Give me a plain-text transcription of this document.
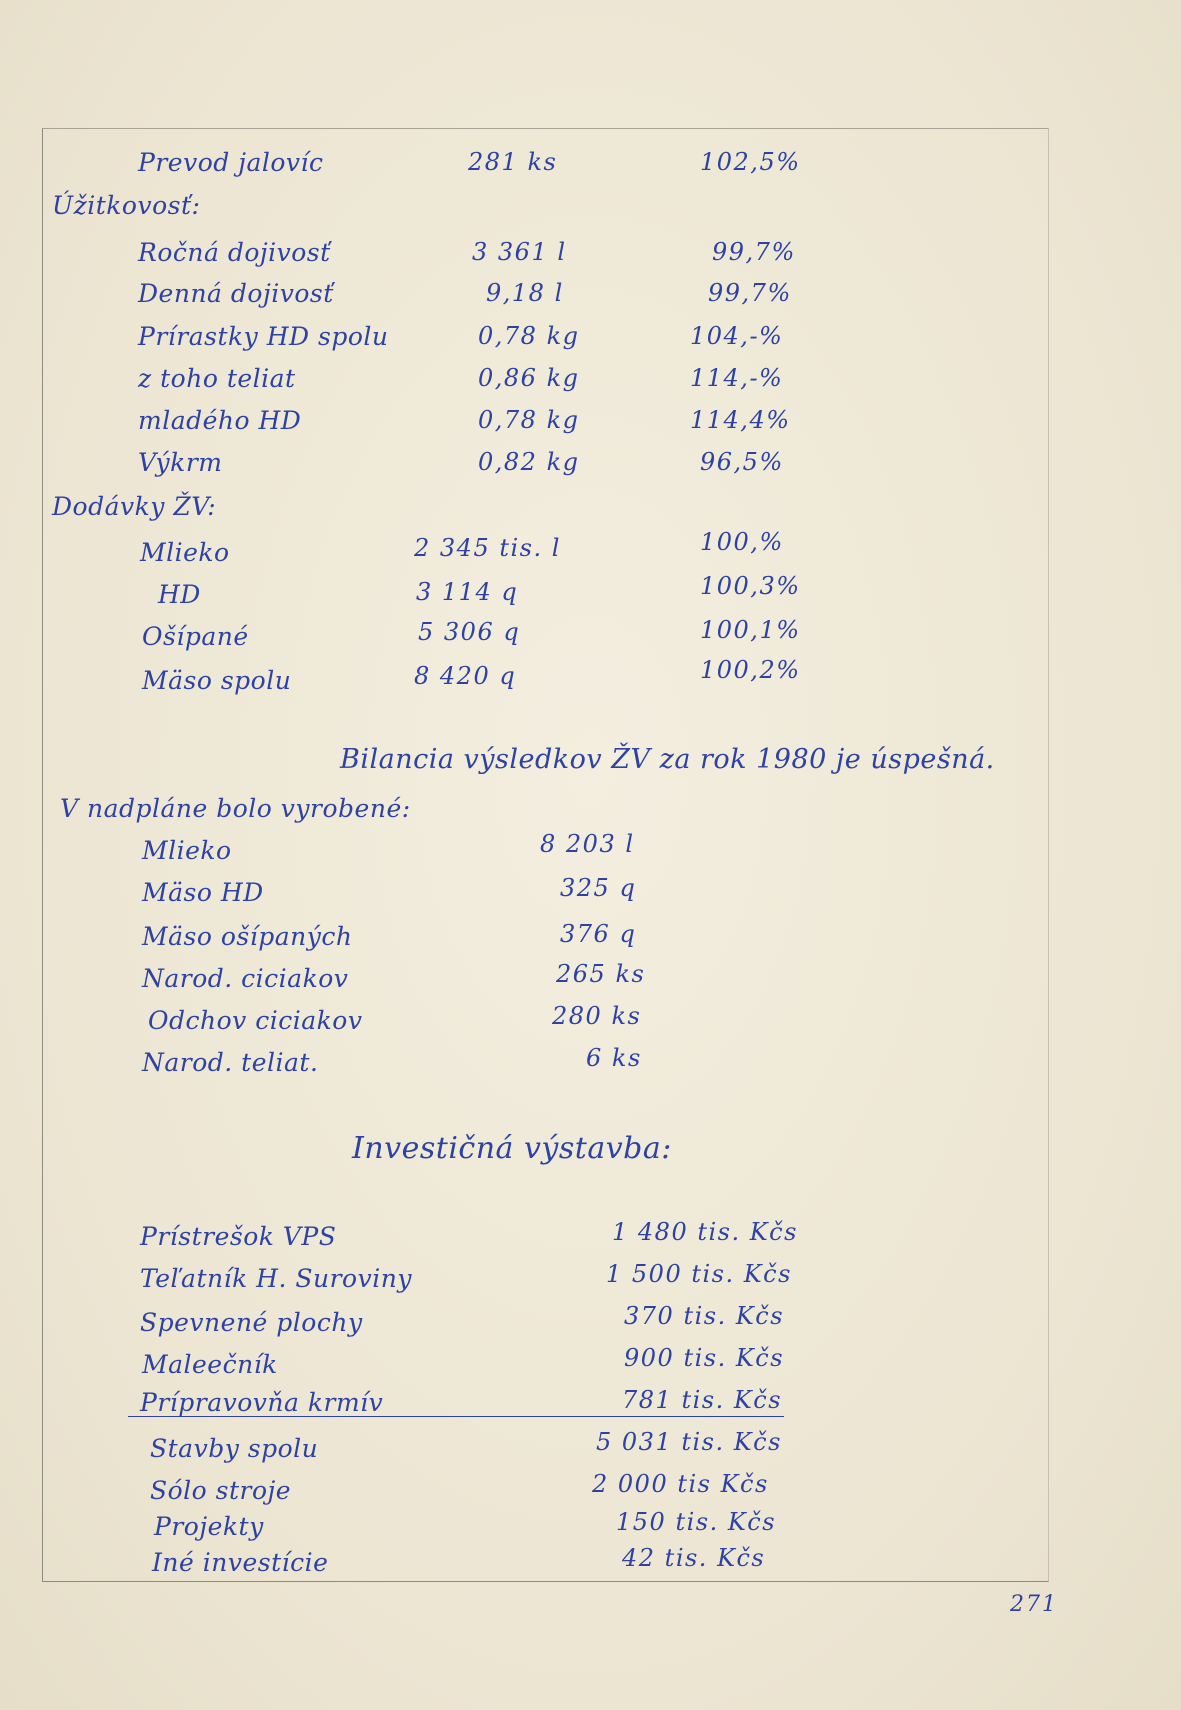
Prevod jalovíc	281 ks	102,5%
Úžitkovosť:
Ročná dojivosť	3 361 l	99,7%
Denná dojivosť	9,18 l	99,7%
Prírastky HD spolu	0,78 kg	104,-%
z toho teliat	0,86 kg	114,-%
mladého HD	0,78 kg	114,4%
Výkrm	0,82 kg	96,5%
Dodávky ŽV:
Mlieko	2 345 tis. l	100,%
HD	3 114 q	100,3%
Ošípané	5 306 q	100,1%
Mäso spolu	8 420 q	100,2%
Bilancia výsledkov ŽV za rok 1980 je úspešná.
V nadpláne bolo vyrobené:
Mlieko	8 203 l
Mäso HD	325 q
Mäso ošípaných	376 q
Narod. ciciakov	265 ks
Odchov ciciakov	280 ks
Narod. teliat.	6 ks
Investičná výstavba:
Prístrešok VPS	1 480 tis. Kčs
Teľatník H. Suroviny	1 500 tis. Kčs
Spevnené plochy	370 tis. Kčs
Maleečník	900 tis. Kčs
Prípravovňa krmív	781 tis. Kčs
Stavby spolu	5 031 tis. Kčs
Sólo stroje	2 000 tis Kčs
Projekty	150 tis. Kčs
Iné investície	42 tis. Kčs
271
